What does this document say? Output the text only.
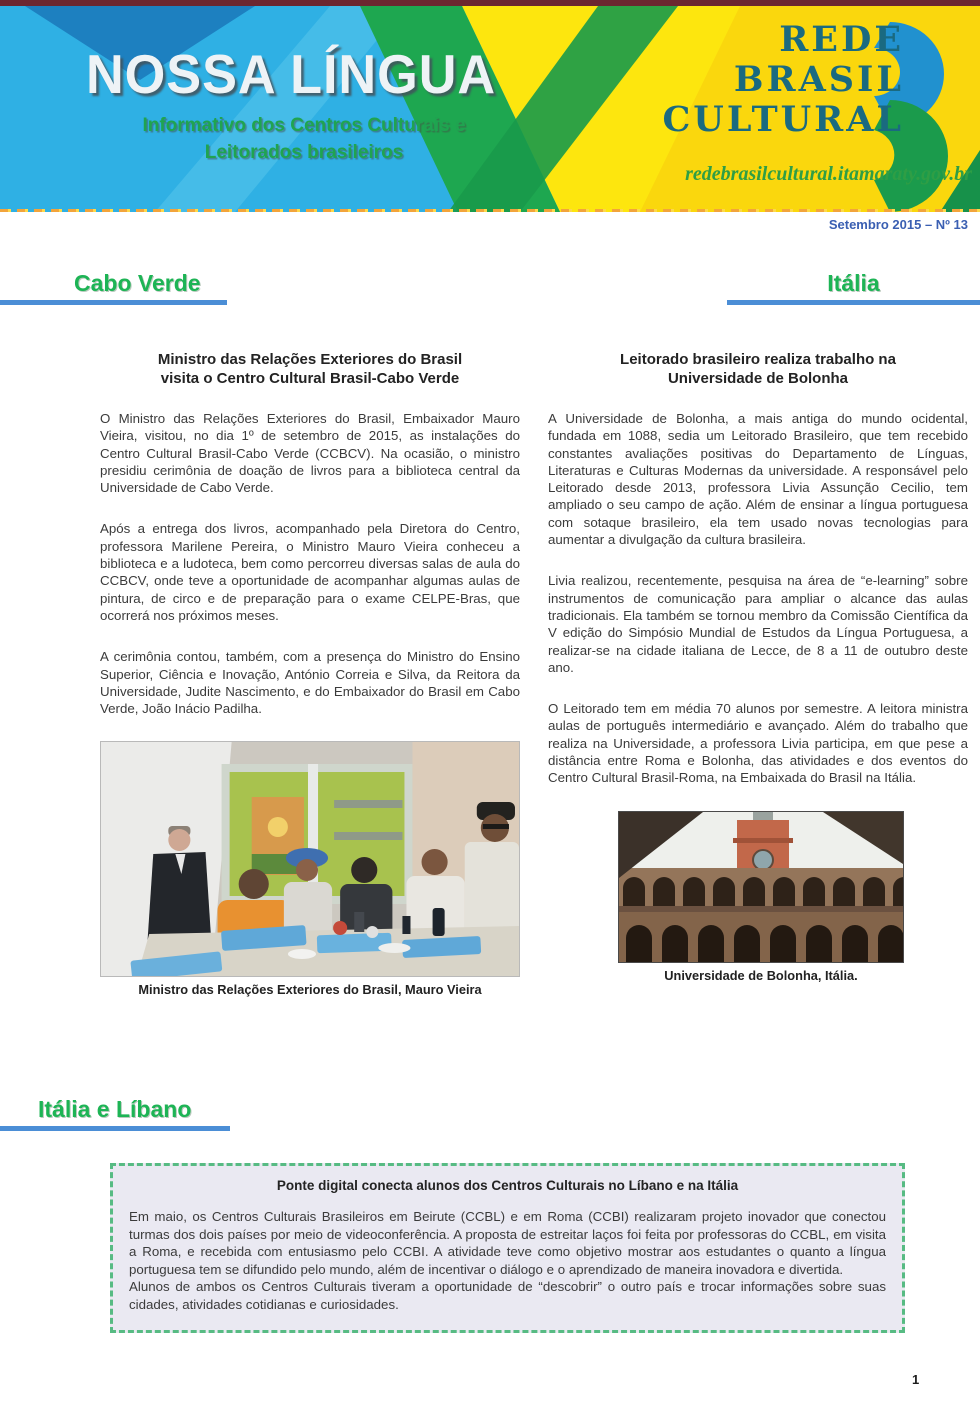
NOSSA LÍNGUA
Informativo dos Centros Culturais e
Leitorados brasileiros
REDE
BRASIL
CULTURAL
redebrasilcultural.itamaraty.gov.br
Setembro 2015 – Nº 13
Cabo Verde	Itália
Ministro das Relações Exteriores do Brasil
visita o Centro Cultural Brasil-Cabo Verde

O Ministro das Relações Exteriores do Brasil, Embaixador Mauro Vieira, visitou, no dia 1º de setembro de 2015, as instalações do Centro Cultural Brasil-Cabo Verde (CCBCV). Na ocasião, o ministro presidiu cerimônia de doação de livros para a biblioteca central da Universidade de Cabo Verde.

Após a entrega dos livros, acompanhado pela Diretora do Centro, professora Marilene Pereira, o Ministro Mauro Vieira conheceu a biblioteca e a ludoteca, bem como percorreu diversas salas de aula do CCBCV, onde teve a oportunidade de acompanhar algumas aulas de pintura, de circo e de preparação para o exame CELPE-Bras, que ocorrerá nos próximos meses.

A cerimônia contou, também, com a presença do Ministro do Ensino Superior, Ciência e Inovação, António Correia e Silva, da Reitora da Universidade, Judite Nascimento, e do Embaixador do Brasil em Cabo Verde, João Inácio Padilha.

Ministro das Relações Exteriores do Brasil, Mauro Vieira
Leitorado brasileiro realiza trabalho na
Universidade de Bolonha

A Universidade de Bolonha, a mais antiga do mundo ocidental, fundada em 1088, sedia um Leitorado Brasileiro, que tem recebido constantes avaliações positivas do Departamento de Línguas, Literaturas e Culturas Modernas da universidade. A responsável pelo Leitorado desde 2013, professora Livia Assunção Cecilio, tem ampliado o seu campo de ação. Além de ensinar a língua portuguesa com sotaque brasileiro, ela tem usado novas tecnologias para aumentar a divulgação da cultura brasileira.

Livia realizou, recentemente, pesquisa na área de “e-learning” sobre instrumentos de comunicação para ampliar o alcance das aulas tradicionais. Ela também se tornou membro da Comissão Científica da V edição do Simpósio Mundial de Estudos da Língua Portuguesa, a realizar-se na cidade italiana de Lecce, de 8 a 11 de outubro deste ano.

O Leitorado tem em média 70 alunos por semestre. A leitora ministra aulas de português intermediário e avançado. Além do trabalho que realiza na Universidade, a professora Livia participa, em que pese a distância entre Roma e Bolonha, das atividades e dos eventos do Centro Cultural Brasil-Roma, na Embaixada do Brasil na Itália.

Universidade de Bolonha, Itália.
Itália e Líbano
Ponte digital conecta alunos dos Centros Culturais no Líbano e na Itália

Em maio, os Centros Culturais Brasileiros em Beirute (CCBL) e em Roma (CCBI) realizaram projeto inovador que conectou turmas dos dois países por meio de videoconferência. A proposta de estreitar laços foi feita por professoras do CCBL, em visita a Roma, e recebida com entusiasmo pelo CCBI. A atividade teve como objetivo mostrar aos estudantes o quanto a língua portuguesa tem se difundido pelo mundo, além de incentivar o diálogo e o aprendizado de maneira inovadora e divertida.

Alunos de ambos os Centros Culturais tiveram a oportunidade de “descobrir” o outro país e trocar informações sobre suas cidades, atividades cotidianas e curiosidades.

1
